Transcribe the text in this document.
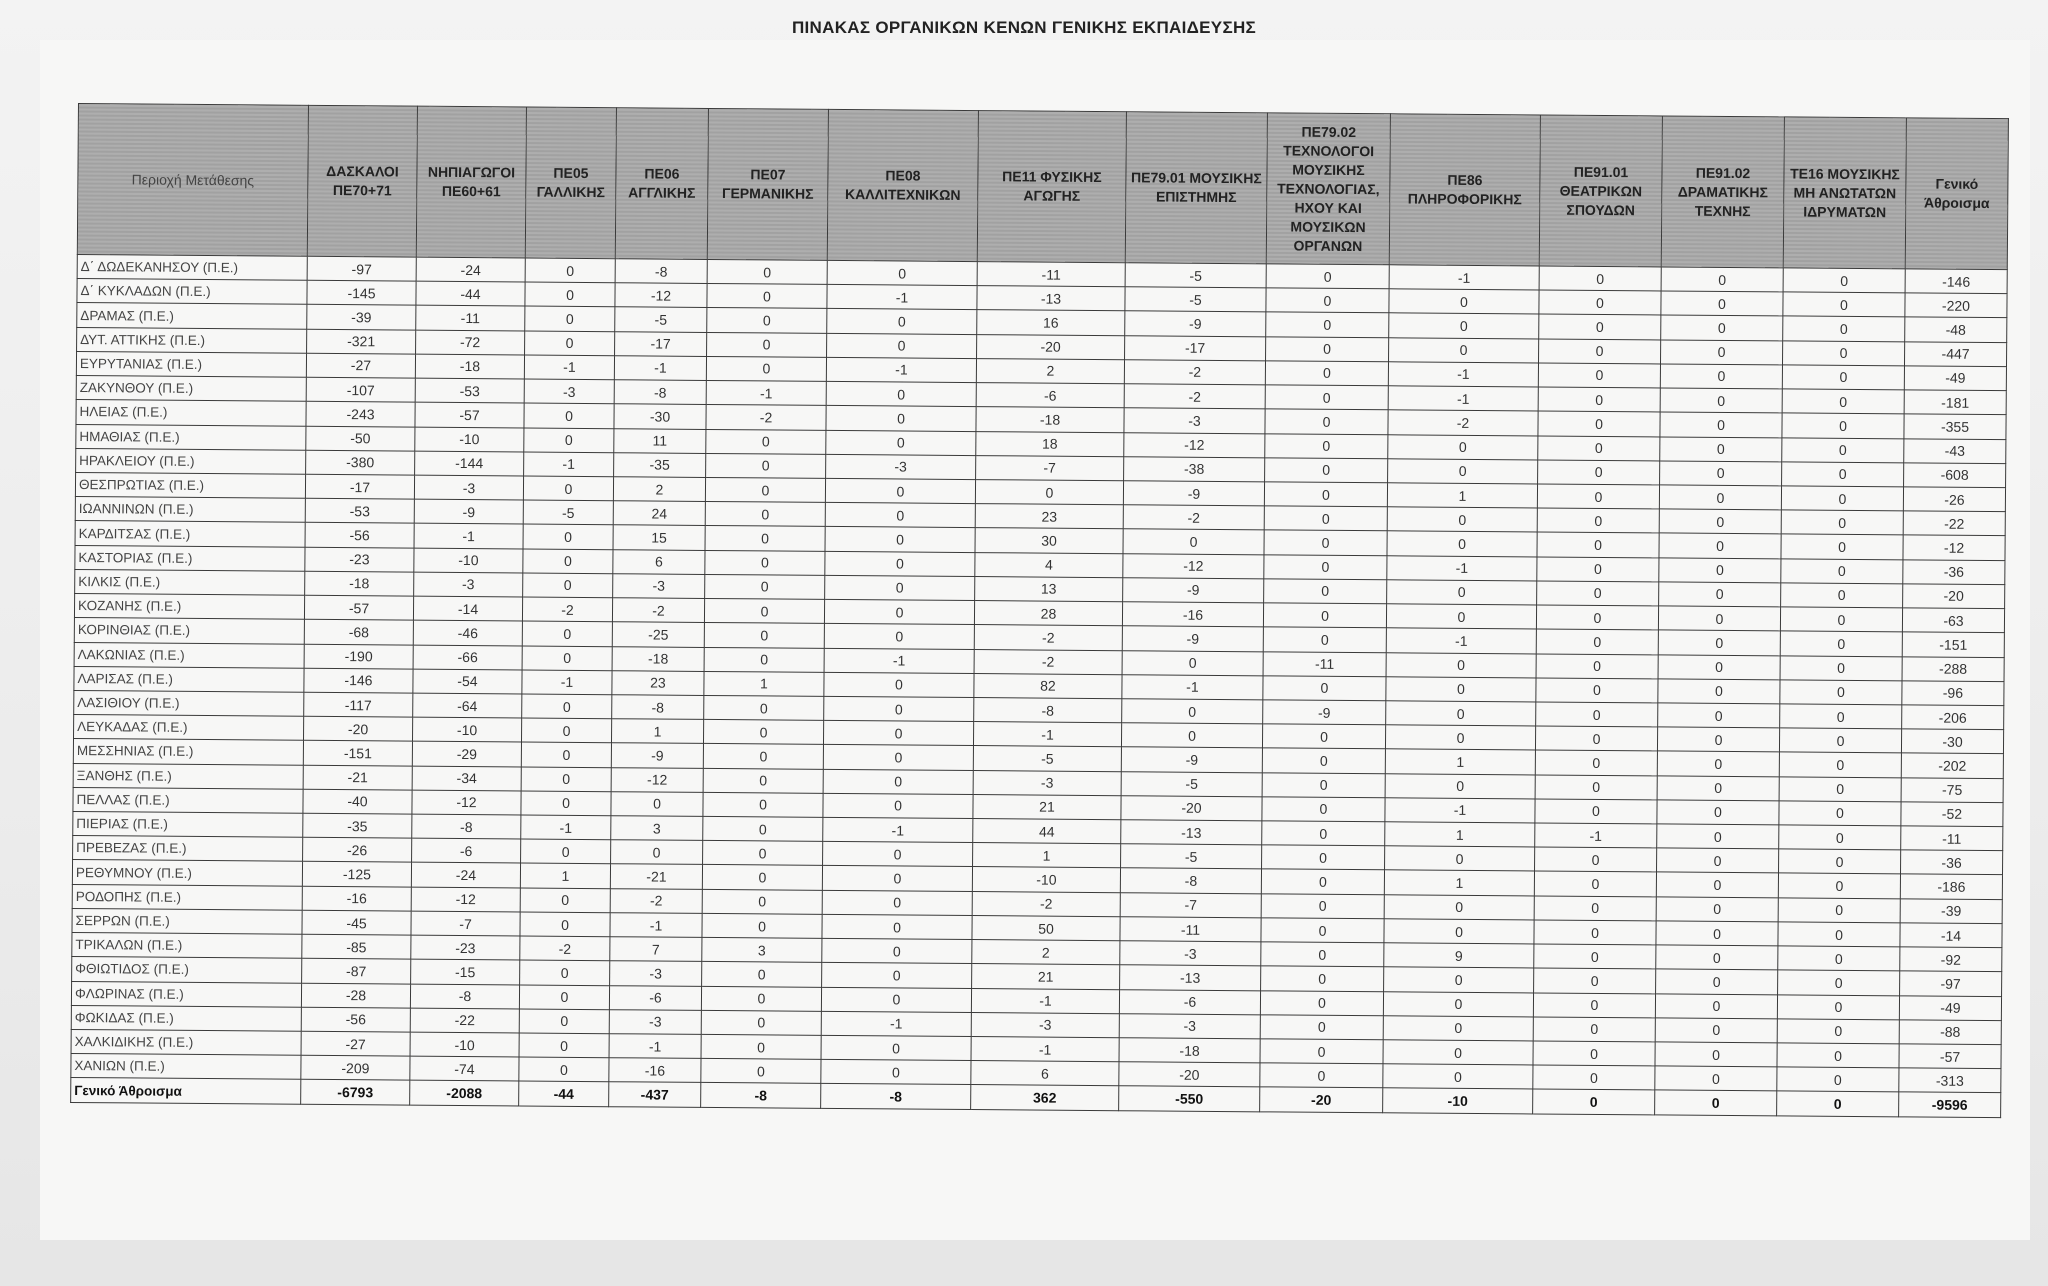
ΠΙΝΑΚΑΣ ΟΡΓΑΝΙΚΩΝ ΚΕΝΩΝ ΓΕΝΙΚΗΣ ΕΚΠΑΙΔΕΥΣΗΣ
Περιοχή Μετάθεσης	ΔΑΣΚΑΛΟΙ ΠΕ70+71	ΝΗΠΙΑΓΩΓΟΙ ΠΕ60+61	ΠΕ05 ΓΑΛΛΙΚΗΣ	ΠΕ06 ΑΓΓΛΙΚΗΣ	ΠΕ07 ΓΕΡΜΑΝΙΚΗΣ	ΠΕ08 ΚΑΛΛΙΤΕΧΝΙΚΩΝ	ΠΕ11 ΦΥΣΙΚΗΣ ΑΓΩΓΗΣ	ΠΕ79.01 ΜΟΥΣΙΚΗΣ ΕΠΙΣΤΗΜΗΣ	ΠΕ79.02 ΤΕΧΝΟΛΟΓΟΙ ΜΟΥΣΙΚΗΣ ΤΕΧΝΟΛΟΓΙΑΣ, ΗΧΟΥ ΚΑΙ ΜΟΥΣΙΚΩΝ ΟΡΓΑΝΩΝ	ΠΕ86 ΠΛΗΡΟΦΟΡΙΚΗΣ	ΠΕ91.01 ΘΕΑΤΡΙΚΩΝ ΣΠΟΥΔΩΝ	ΠΕ91.02 ΔΡΑΜΑΤΙΚΗΣ ΤΕΧΝΗΣ	ΤΕ16 ΜΟΥΣΙΚΗΣ ΜΗ ΑΝΩΤΑΤΩΝ ΙΔΡΥΜΑΤΩΝ	Γενικό Άθροισμα
Δ΄ ΔΩΔΕΚΑΝΗΣΟΥ (Π.Ε.)	-97	-24	0	-8	0	0	-11	-5	0	-1	0	0	0	-146
Δ΄ ΚΥΚΛΑΔΩΝ (Π.Ε.)	-145	-44	0	-12	0	-1	-13	-5	0	0	0	0	0	-220
ΔΡΑΜΑΣ (Π.Ε.)	-39	-11	0	-5	0	0	16	-9	0	0	0	0	0	-48
ΔΥΤ. ΑΤΤΙΚΗΣ (Π.Ε.)	-321	-72	0	-17	0	0	-20	-17	0	0	0	0	0	-447
ΕΥΡΥΤΑΝΙΑΣ (Π.Ε.)	-27	-18	-1	-1	0	-1	2	-2	0	-1	0	0	0	-49
ΖΑΚΥΝΘΟΥ (Π.Ε.)	-107	-53	-3	-8	-1	0	-6	-2	0	-1	0	0	0	-181
ΗΛΕΙΑΣ (Π.Ε.)	-243	-57	0	-30	-2	0	-18	-3	0	-2	0	0	0	-355
ΗΜΑΘΙΑΣ (Π.Ε.)	-50	-10	0	11	0	0	18	-12	0	0	0	0	0	-43
ΗΡΑΚΛΕΙΟΥ (Π.Ε.)	-380	-144	-1	-35	0	-3	-7	-38	0	0	0	0	0	-608
ΘΕΣΠΡΩΤΙΑΣ (Π.Ε.)	-17	-3	0	2	0	0	0	-9	0	1	0	0	0	-26
ΙΩΑΝΝΙΝΩΝ (Π.Ε.)	-53	-9	-5	24	0	0	23	-2	0	0	0	0	0	-22
ΚΑΡΔΙΤΣΑΣ (Π.Ε.)	-56	-1	0	15	0	0	30	0	0	0	0	0	0	-12
ΚΑΣΤΟΡΙΑΣ (Π.Ε.)	-23	-10	0	6	0	0	4	-12	0	-1	0	0	0	-36
ΚΙΛΚΙΣ (Π.Ε.)	-18	-3	0	-3	0	0	13	-9	0	0	0	0	0	-20
ΚΟΖΑΝΗΣ (Π.Ε.)	-57	-14	-2	-2	0	0	28	-16	0	0	0	0	0	-63
ΚΟΡΙΝΘΙΑΣ (Π.Ε.)	-68	-46	0	-25	0	0	-2	-9	0	-1	0	0	0	-151
ΛΑΚΩΝΙΑΣ (Π.Ε.)	-190	-66	0	-18	0	-1	-2	0	-11	0	0	0	0	-288
ΛΑΡΙΣΑΣ (Π.Ε.)	-146	-54	-1	23	1	0	82	-1	0	0	0	0	0	-96
ΛΑΣΙΘΙΟΥ (Π.Ε.)	-117	-64	0	-8	0	0	-8	0	-9	0	0	0	0	-206
ΛΕΥΚΑΔΑΣ (Π.Ε.)	-20	-10	0	1	0	0	-1	0	0	0	0	0	0	-30
ΜΕΣΣΗΝΙΑΣ (Π.Ε.)	-151	-29	0	-9	0	0	-5	-9	0	1	0	0	0	-202
ΞΑΝΘΗΣ (Π.Ε.)	-21	-34	0	-12	0	0	-3	-5	0	0	0	0	0	-75
ΠΕΛΛΑΣ (Π.Ε.)	-40	-12	0	0	0	0	21	-20	0	-1	0	0	0	-52
ΠΙΕΡΙΑΣ (Π.Ε.)	-35	-8	-1	3	0	-1	44	-13	0	1	-1	0	0	-11
ΠΡΕΒΕΖΑΣ (Π.Ε.)	-26	-6	0	0	0	0	1	-5	0	0	0	0	0	-36
ΡΕΘΥΜΝΟΥ (Π.Ε.)	-125	-24	1	-21	0	0	-10	-8	0	1	0	0	0	-186
ΡΟΔΟΠΗΣ (Π.Ε.)	-16	-12	0	-2	0	0	-2	-7	0	0	0	0	0	-39
ΣΕΡΡΩΝ (Π.Ε.)	-45	-7	0	-1	0	0	50	-11	0	0	0	0	0	-14
ΤΡΙΚΑΛΩΝ (Π.Ε.)	-85	-23	-2	7	3	0	2	-3	0	9	0	0	0	-92
ΦΘΙΩΤΙΔΟΣ (Π.Ε.)	-87	-15	0	-3	0	0	21	-13	0	0	0	0	0	-97
ΦΛΩΡΙΝΑΣ (Π.Ε.)	-28	-8	0	-6	0	0	-1	-6	0	0	0	0	0	-49
ΦΩΚΙΔΑΣ (Π.Ε.)	-56	-22	0	-3	0	-1	-3	-3	0	0	0	0	0	-88
ΧΑΛΚΙΔΙΚΗΣ (Π.Ε.)	-27	-10	0	-1	0	0	-1	-18	0	0	0	0	0	-57
ΧΑΝΙΩΝ (Π.Ε.)	-209	-74	0	-16	0	0	6	-20	0	0	0	0	0	-313
Γενικό Άθροισμα	-6793	-2088	-44	-437	-8	-8	362	-550	-20	-10	0	0	0	-9596
